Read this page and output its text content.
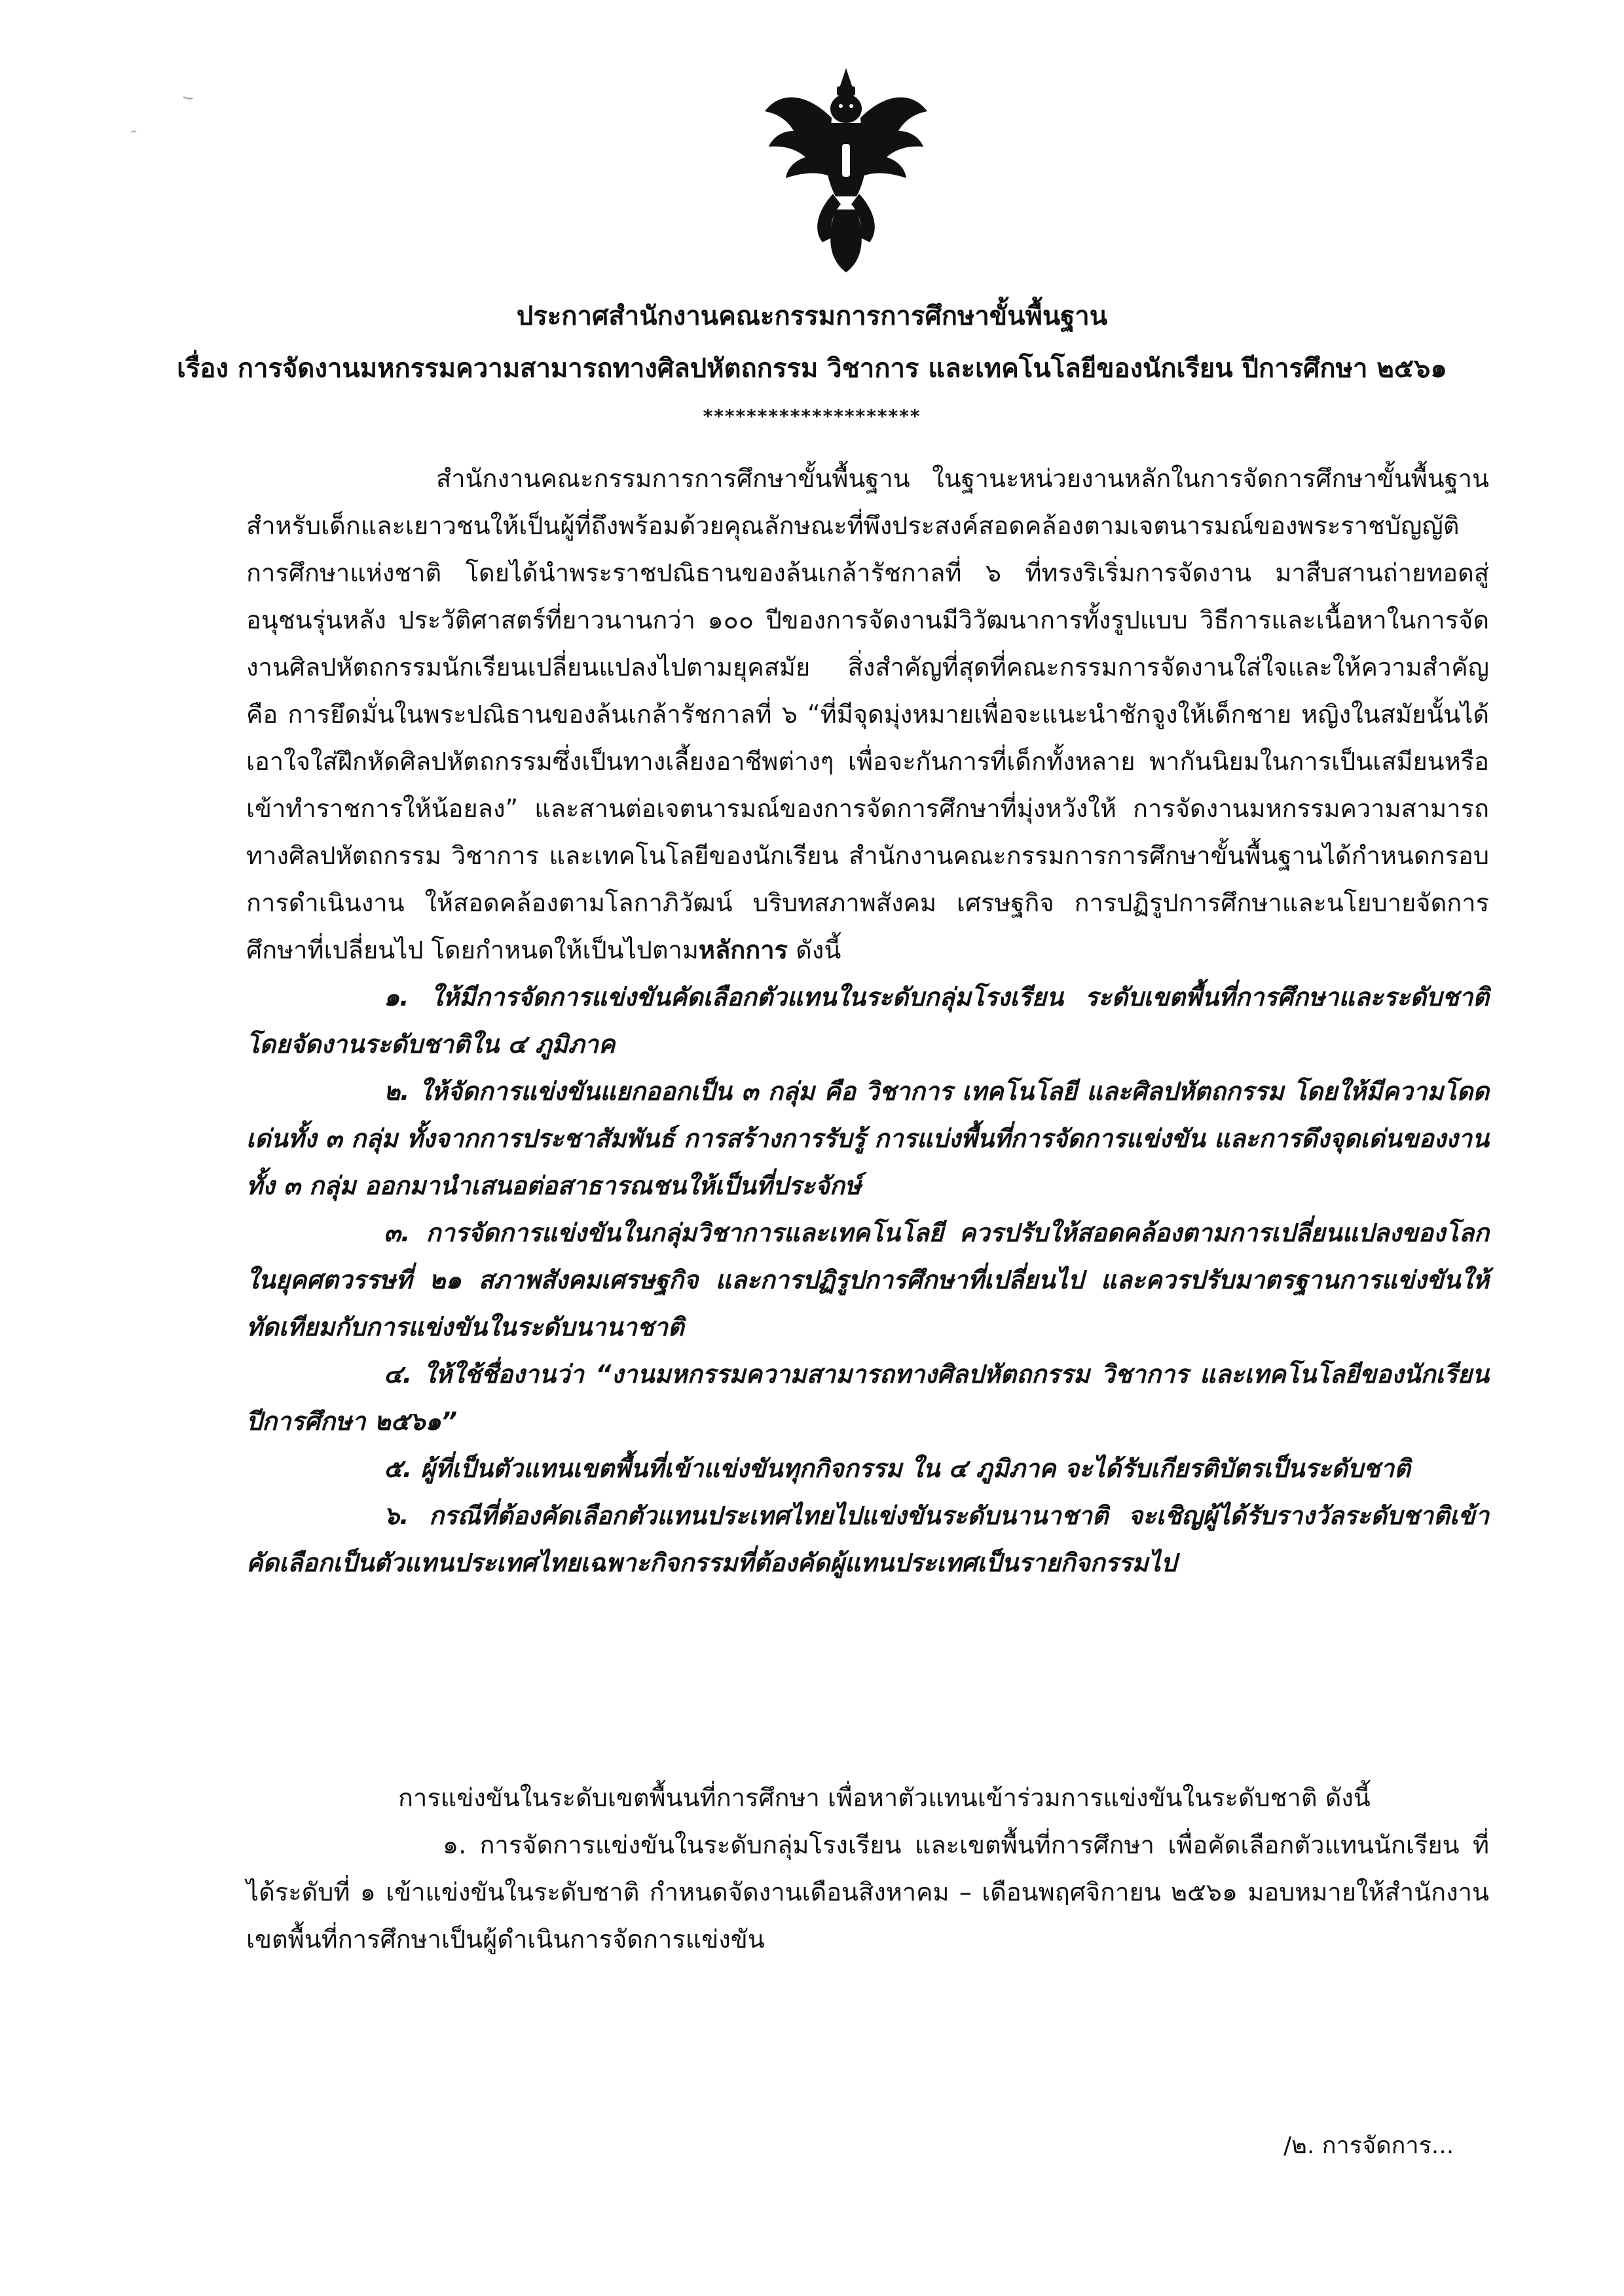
ประกาศสำนักงานคณะกรรมการการศึกษาขั้นพื้นฐาน
เรื่อง การจัดงานมหกรรมความสามารถทางศิลปหัตถกรรม วิชาการ และเทคโนโลยีของนักเรียน ปีการศึกษา ๒๕๖๑
********************

สำนักงานคณะกรรมการการศึกษาขั้นพื้นฐาน ในฐานะหน่วยงานหลักในการจัดการศึกษาขั้นพื้นฐาน สำหรับเด็กและเยาวชนให้เป็นผู้ที่ถึงพร้อมด้วยคุณลักษณะที่พึงประสงค์สอดคล้องตามเจตนารมณ์ของพระราชบัญญัติการศึกษาแห่งชาติ โดยได้นำพระราชปณิธานของล้นเกล้ารัชกาลที่ ๖ ที่ทรงริเริ่มการจัดงาน มาสืบสานถ่ายทอดสู่อนุชนรุ่นหลัง ประวัติศาสตร์ที่ยาวนานกว่า ๑๐๐ ปีของการจัดงานมีวิวัฒนาการทั้งรูปแบบ วิธีการและเนื้อหาในการจัดงานศิลปหัตถกรรมนักเรียนเปลี่ยนแปลงไปตามยุคสมัย สิ่งสำคัญที่สุดที่คณะกรรมการจัดงานใส่ใจและให้ความสำคัญ คือ การยึดมั่นในพระปณิธานของล้นเกล้ารัชกาลที่ ๖ “ที่มีจุดมุ่งหมายเพื่อจะแนะนำชักจูงให้เด็กชาย หญิงในสมัยนั้นได้เอาใจใส่ฝึกหัดศิลปหัตถกรรมซึ่งเป็นทางเลี้ยงอาชีพต่างๆ เพื่อจะกันการที่เด็กทั้งหลาย พากันนิยมในการเป็นเสมียนหรือ เข้าทำราชการให้น้อยลง” และสานต่อเจตนารมณ์ของการจัดการศึกษาที่มุ่งหวังให้ การจัดงานมหกรรมความสามารถทางศิลปหัตถกรรม วิชาการ และเทคโนโลยีของนักเรียน สำนักงานคณะกรรมการการศึกษาขั้นพื้นฐานได้กำหนดกรอบการดำเนินงาน ให้สอดคล้องตามโลกาภิวัฒน์ บริบทสภาพสังคม เศรษฐกิจ การปฏิรูปการศึกษาและนโยบายจัดการศึกษาที่เปลี่ยนไป โดยกำหนดให้เป็นไปตามหลักการ ดังนี้

๑. ให้มีการจัดการแข่งขันคัดเลือกตัวแทนในระดับกลุ่มโรงเรียน ระดับเขตพื้นที่การศึกษาและระดับชาติ โดยจัดงานระดับชาติใน ๔ ภูมิภาค

๒. ให้จัดการแข่งขันแยกออกเป็น ๓ กลุ่ม คือ วิชาการ เทคโนโลยี และศิลปหัตถกรรม โดยให้มีความโดดเด่นทั้ง ๓ กลุ่ม ทั้งจากการประชาสัมพันธ์ การสร้างการรับรู้ การแบ่งพื้นที่การจัดการแข่งขัน และการดึงจุดเด่นของงานทั้ง ๓ กลุ่ม ออกมานำเสนอต่อสาธารณชนให้เป็นที่ประจักษ์

๓. การจัดการแข่งขันในกลุ่มวิชาการและเทคโนโลยี ควรปรับให้สอดคล้องตามการเปลี่ยนแปลงของโลกในยุคศตวรรษที่ ๒๑ สภาพสังคมเศรษฐกิจ และการปฏิรูปการศึกษาที่เปลี่ยนไป และควรปรับมาตรฐานการแข่งขันให้ทัดเทียมกับการแข่งขันในระดับนานาชาติ

๔. ให้ใช้ชื่องานว่า “งานมหกรรมความสามารถทางศิลปหัตถกรรม วิชาการ และเทคโนโลยีของนักเรียน ปีการศึกษา ๒๕๖๑”

๕. ผู้ที่เป็นตัวแทนเขตพื้นที่เข้าแข่งขันทุกกิจกรรม ใน ๔ ภูมิภาค จะได้รับเกียรติบัตรเป็นระดับชาติ

๖. กรณีที่ต้องคัดเลือกตัวแทนประเทศไทยไปแข่งขันระดับนานาชาติ จะเชิญผู้ได้รับรางวัลระดับชาติเข้าคัดเลือกเป็นตัวแทนประเทศไทยเฉพาะกิจกรรมที่ต้องคัดผู้แทนประเทศเป็นรายกิจกรรมไป

การแข่งขันในระดับเขตพื้นนที่การศึกษา เพื่อหาตัวแทนเข้าร่วมการแข่งขันในระดับชาติ ดังนี้

๑. การจัดการแข่งขันในระดับกลุ่มโรงเรียน และเขตพื้นที่การศึกษา เพื่อคัดเลือกตัวแทนนักเรียน ที่ได้ระดับที่ ๑ เข้าแข่งขันในระดับชาติ กำหนดจัดงานเดือนสิงหาคม – เดือนพฤศจิกายน ๒๕๖๑ มอบหมายให้สำนักงานเขตพื้นที่การศึกษาเป็นผู้ดำเนินการจัดการแข่งขัน

/๒. การจัดการ...
